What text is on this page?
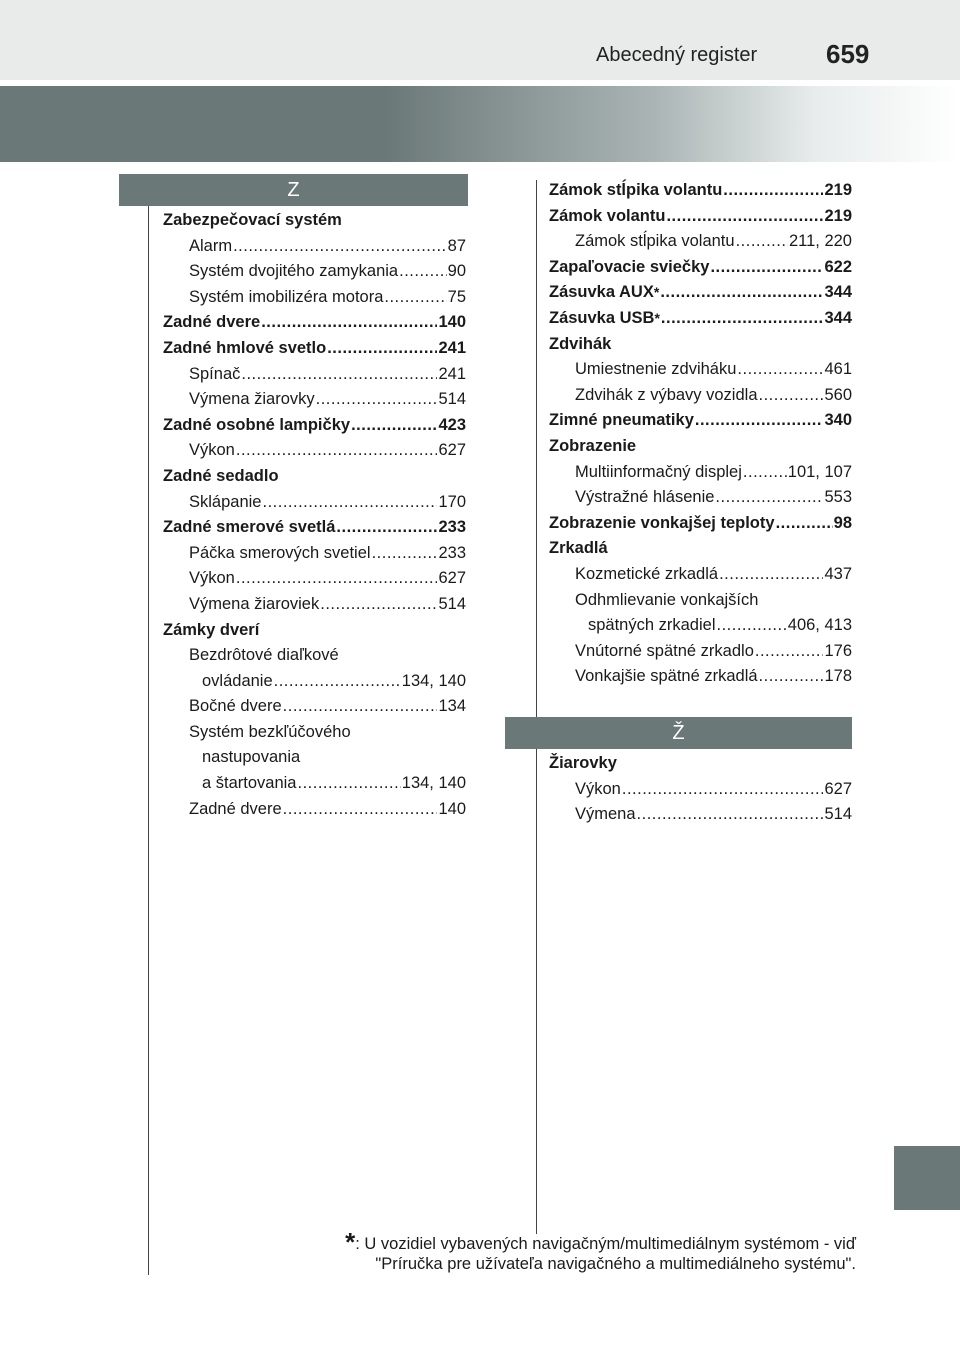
Abecedný register	659
Z
Ž
Zabezpečovací systém
Alarm .....	87
Systém dvojitého zamykania .....	90
Systém imobilizéra motora .....	75
Zadné dvere .....	140
Zadné hmlové svetlo .....	241
Spínač .....	241
Výmena žiarovky .....	514
Zadné osobné lampičky .....	423
Výkon .....	627
Zadné sedadlo
Sklápanie .....	170
Zadné smerové svetlá .....	233
Páčka smerových svetiel .....	233
Výkon .....	627
Výmena žiaroviek .....	514
Zámky dverí
Bezdrôtové diaľkové
ovládanie .....	134, 140
Bočné dvere .....	134
Systém bezkľúčového
nastupovania
a štartovania .....	134, 140
Zadné dvere .....	140
Zámok stĺpika volantu .....	219
Zámok volantu .....	219
Zámok stĺpika volantu .....	211, 220
Zapaľovacie sviečky .....	622
Zásuvka AUX * .....	344
Zásuvka USB * .....	344
Zdvihák
Umiestnenie zdviháku .....	461
Zdvihák z výbavy vozidla .....	560
Zimné pneumatiky .....	340
Zobrazenie
Multiinformačný displej .....	101, 107
Výstražné hlásenie .....	553
Zobrazenie vonkajšej teploty .....	98
Zrkadlá
Kozmetické zrkadlá .....	437
Odhmlievanie vonkajších
spätných zrkadiel .....	406, 413
Vnútorné spätné zrkadlo .....	176
Vonkajšie spätné zrkadlá .....	178
Žiarovky
Výkon .....	627
Výmena .....	514
*: U vozidiel vybavených navigačným/multimediálnym systémom - viď
"Príručka pre užívateľa navigačného a multimediálneho systému".
